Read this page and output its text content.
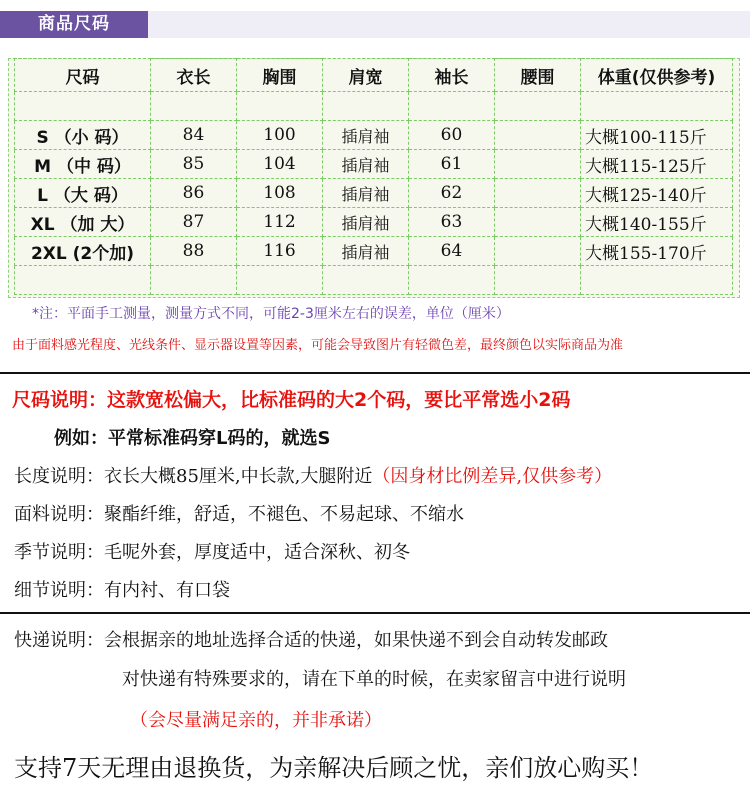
商品尺码
尺码	衣长	胸围	肩宽	袖长	腰围	体重(仅供参考)

S （小 码）	84	100	插肩袖	60		大概100-115斤
M （中 码）	85	104	插肩袖	61		大概115-125斤
L （大 码）	86	108	插肩袖	62		大概125-140斤
XL （加 大）	87	112	插肩袖	63		大概140-155斤
2XL (2个加)	88	116	插肩袖	64		大概155-170斤

*注：平面手工测量，测量方式不同，可能2-3厘米左右的误差，单位（厘米）
由于面料感光程度、光线条件、显示器设置等因素，可能会导致图片有轻微色差，最终颜色以实际商品为准
尺码说明：这款宽松偏大，比标准码的大2个码，要比平常选小2码
例如：平常标准码穿L码的，就选S
长度说明：衣长大概85厘米,中长款,大腿附近（因身材比例差异,仅供参考）
面料说明：聚酯纤维，舒适，不褪色、不易起球、不缩水
季节说明：毛呢外套，厚度适中，适合深秋、初冬
细节说明：有内衬、有口袋
快递说明：会根据亲的地址选择合适的快递，如果快递不到会自动转发邮政
对快递有特殊要求的，请在下单的时候，在卖家留言中进行说明
（会尽量满足亲的，并非承诺）
支持7天无理由退换货，为亲解决后顾之忧，亲们放心购买！
